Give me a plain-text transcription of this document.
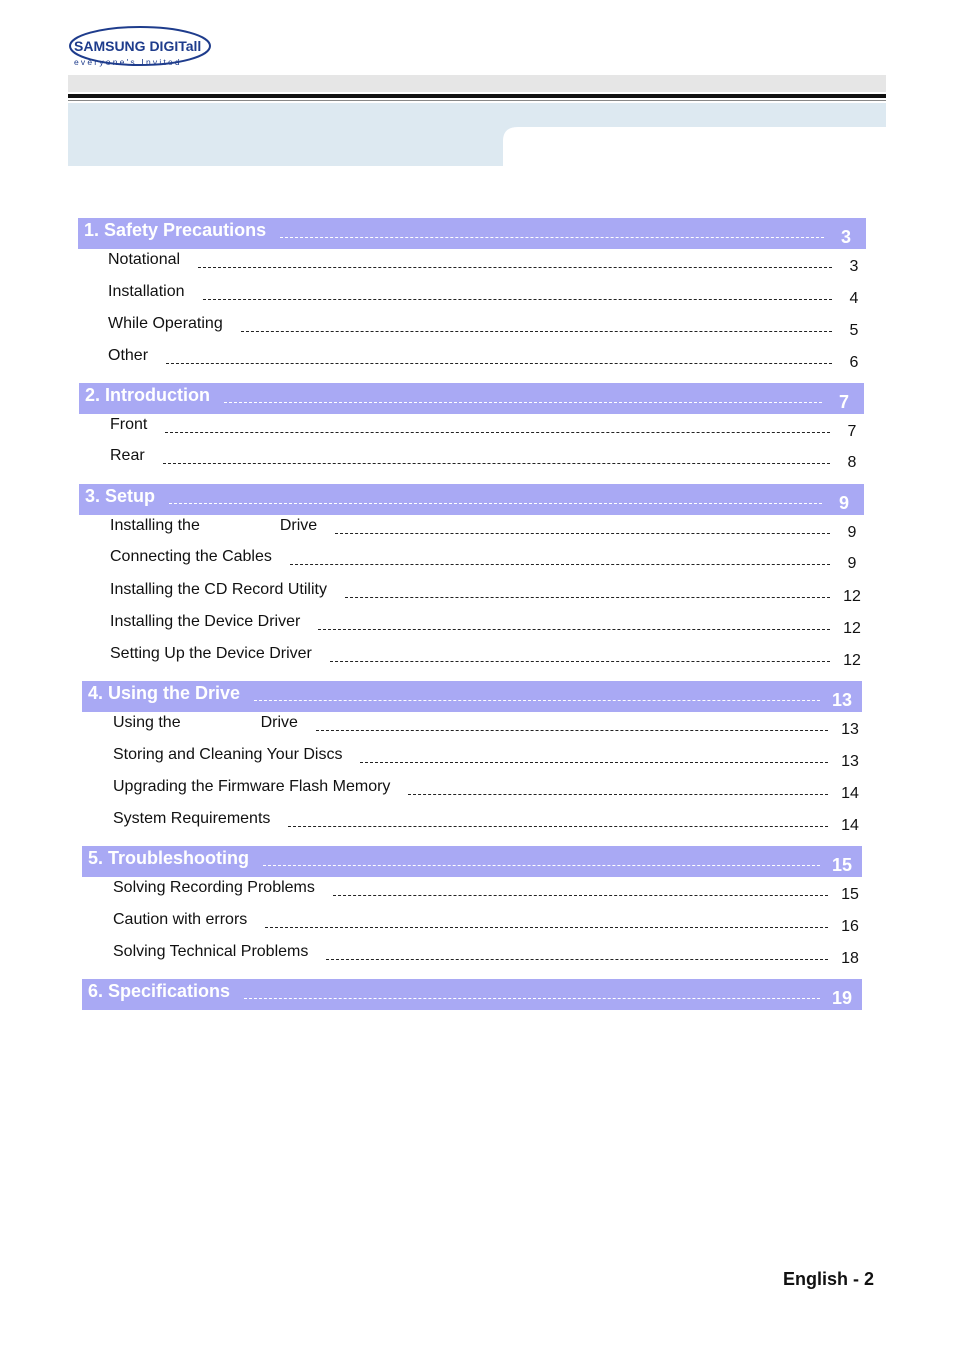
SAMSUNG DIGITall
everyone's Invited
1. Safety Precautions	3
Notational	3
Installation	4
While Operating	5
Other	6
2. Introduction	7
Front	7
Rear	8
3. Setup	9
Installing the                  Drive	9
Connecting the Cables	9
Installing the CD Record Utility	12
Installing the Device Driver	12
Setting Up the Device Driver	12
4. Using the Drive	13
Using the                  Drive	13
Storing and Cleaning Your Discs	13
Upgrading the Firmware Flash Memory	14
System Requirements	14
5. Troubleshooting	15
Solving Recording Problems	15
Caution with errors	16
Solving Technical Problems	18
6. Specifications	19
English - 2
